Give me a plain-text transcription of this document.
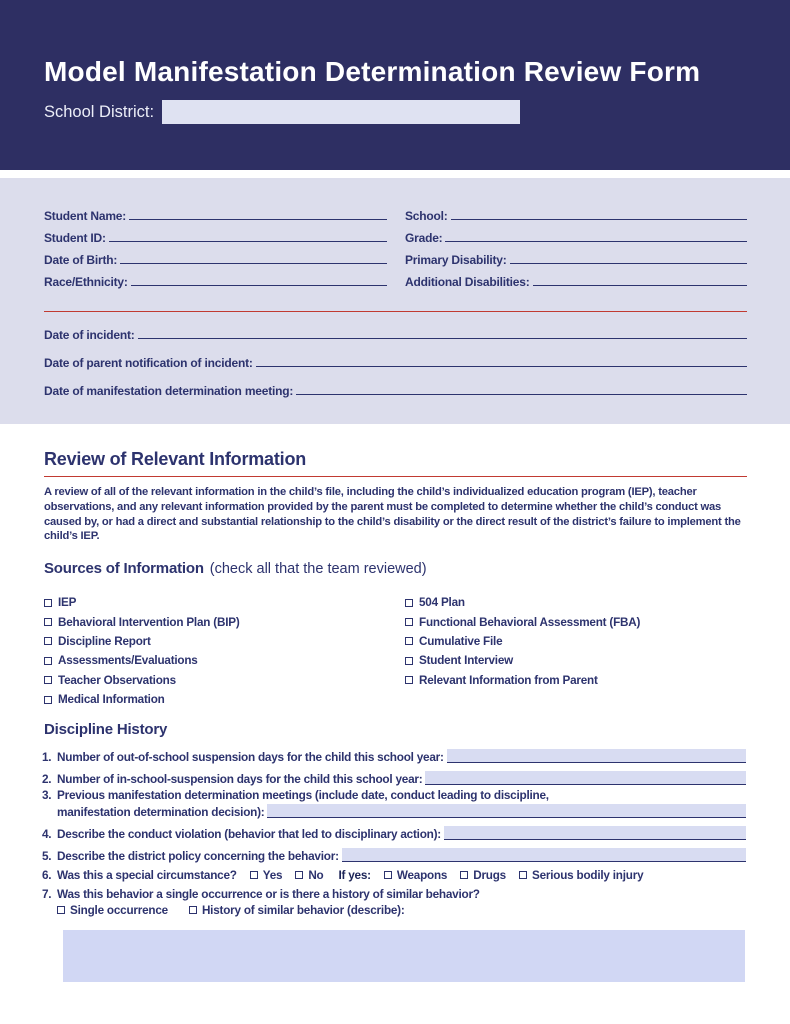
Model Manifestation Determination Review Form
School District:
Student Name:
Student ID:
Date of Birth:
Race/Ethnicity:
School:
Grade:
Primary Disability:
Additional Disabilities:
Date of incident:
Date of parent notification of incident:
Date of manifestation determination meeting:
Review of Relevant Information

A review of all of the relevant information in the child’s file, including the child’s individualized education program (IEP), teacher observations, and any relevant information provided by the parent must be completed to determine whether the child’s conduct was caused by, or had a direct and substantial relationship to the child’s disability or the direct result of the district’s failure to implement the child’s IEP.

Sources of Information (check all that the team reviewed)
IEP
Behavioral Intervention Plan (BIP)
Discipline Report
Assessments/Evaluations
Teacher Observations
Medical Information
504 Plan
Functional Behavioral Assessment (FBA)
Cumulative File
Student Interview
Relevant Information from Parent
Discipline History
1. Number of out-of-school suspension days for the child this school year:
2. Number of in-school-suspension days for the child this school year:
3. Previous manifestation determination meetings (include date, conduct leading to discipline,
manifestation determination decision):
4. Describe the conduct violation (behavior that led to disciplinary action):
5. Describe the district policy concerning the behavior:
6. Was this a special circumstance? Yes No If yes: Weapons Drugs Serious bodily injury
7. Was this behavior a single occurrence or is there a history of similar behavior?
Single occurrence	History of similar behavior (describe):
